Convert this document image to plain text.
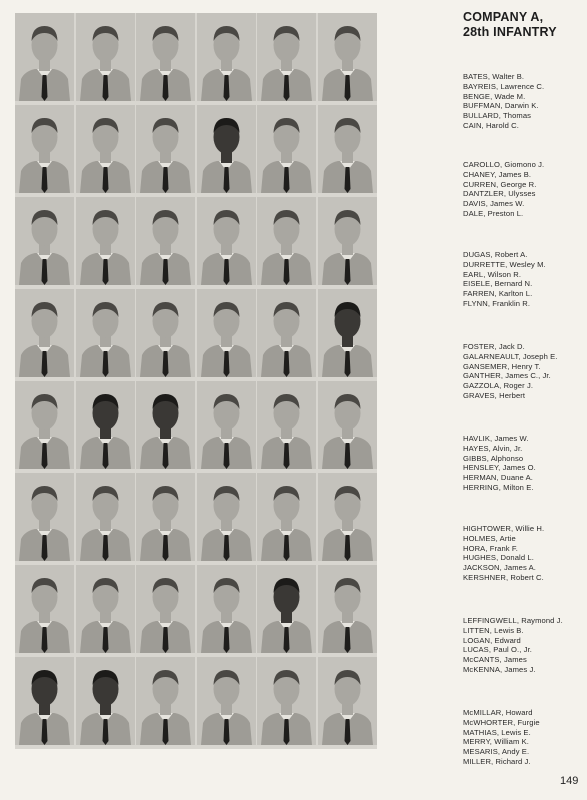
COMPANY A,
28th INFANTRY
BATES, Walter B.
BAYREIS, Lawrence C.
BENGE, Wade M.
BUFFMAN, Darwin K.
BULLARD, Thomas
CAIN, Harold C.
CAROLLO, Giomono J.
CHANEY, James B.
CURREN, George R.
DANTZLER, Ulysses
DAVIS, James W.
DALE, Preston L.
DUGAS, Robert A.
DURRETTE, Wesley M.
EARL, Wilson R.
EISELE, Bernard N.
FARREN, Karlton L.
FLYNN, Franklin R.
FOSTER, Jack D.
GALARNEAULT, Joseph E.
GANSEMER, Henry T.
GANTHER, James C., Jr.
GAZZOLA, Roger J.
GRAVES, Herbert
HAVLIK, James W.
HAYES, Alvin, Jr.
GIBBS, Alphonso
HENSLEY, James O.
HERMAN, Duane A.
HERRING, Milton E.
HIGHTOWER, Willie H.
HOLMES, Artie
HORA, Frank F.
HUGHES, Donald L.
JACKSON, James A.
KERSHNER, Robert C.
LEFFINGWELL, Raymond J.
LITTEN, Lewis B.
LOGAN, Edward
LUCAS, Paul O., Jr.
McCANTS, James
McKENNA, James J.
McMILLAR, Howard
McWHORTER, Furgie
MATHIAS, Lewis E.
MERRY, William K.
MESARIS, Andy E.
MILLER, Richard J.
149
